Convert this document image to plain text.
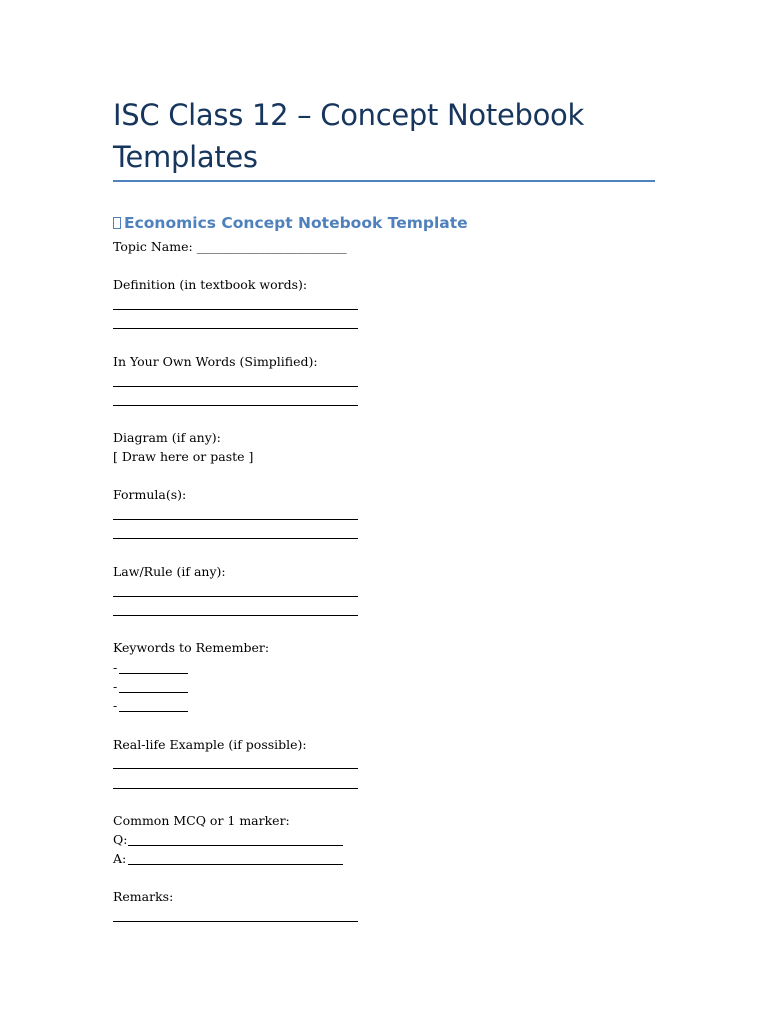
ISC Class 12 – Concept Notebook Templates
Economics Concept Notebook Template

Topic Name: ________________________

Definition (in textbook words):

In Your Own Words (Simplified):

Diagram (if any):

[ Draw here or paste ]

Formula(s):

Law/Rule (if any):

Keywords to Remember:

-

-

-

Real-life Example (if possible):

Common MCQ or 1 marker:

Q:

A:

Remarks:
